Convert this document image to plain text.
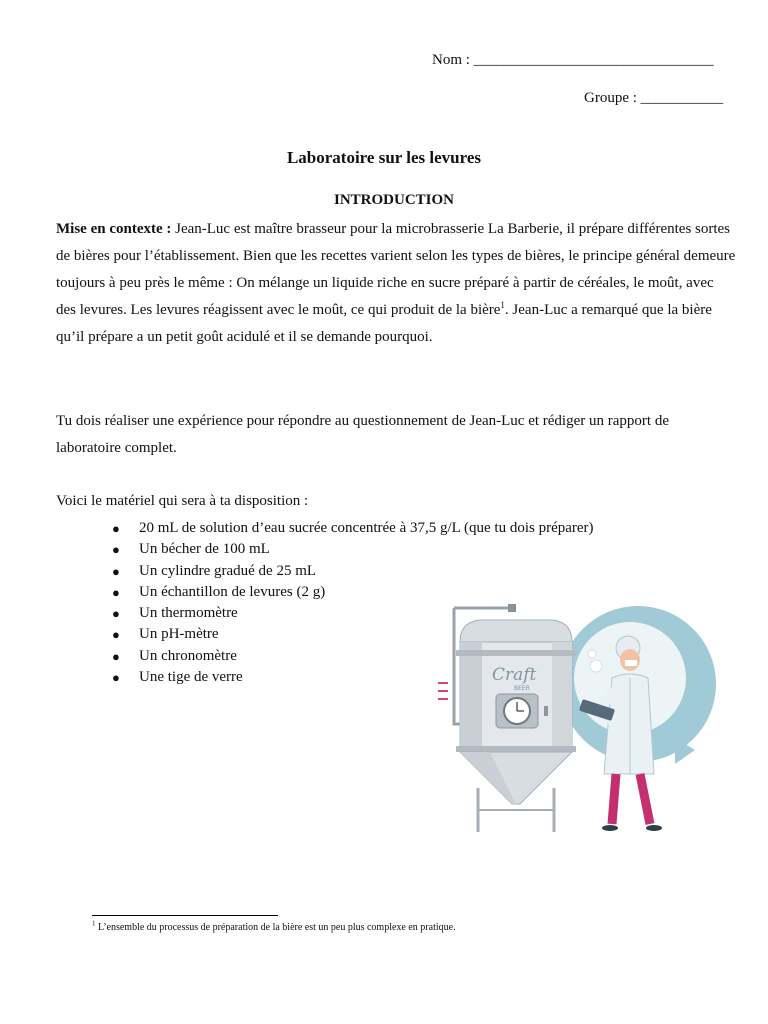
Nom : ________________________________
Groupe : ___________
Laboratoire sur les levures
INTRODUCTION

Mise en contexte : Jean-Luc est maître brasseur pour la microbrasserie La Barberie, il prépare différentes sortes de bières pour l’établissement. Bien que les recettes varient selon les types de bières, le principe général demeure toujours à peu près le même : On mélange un liquide riche en sucre préparé à partir de céréales, le moût, avec des levures. Les levures réagissent avec le moût, ce qui produit de la bière$^1$. Jean-Luc a remarqué que la bière qu’il prépare a un petit goût acidulé et il se demande pourquoi.

Tu dois réaliser une expérience pour répondre au questionnement de Jean-Luc et rédiger un rapport de laboratoire complet.

Voici le matériel qui sera à ta disposition :

● 20 mL de solution d’eau sucrée concentrée à 37,5 g/L (que tu dois préparer)
● Un bécher de 100 mL
● Un cylindre gradué de 25 mL
● Un échantillon de levures (2 g)
● Un thermomètre
● Un pH-mètre
● Un chronomètre
● Une tige de verre	Craft
BEER
$^1$ L’ensemble du processus de préparation de la bière est un peu plus complexe en pratique.
